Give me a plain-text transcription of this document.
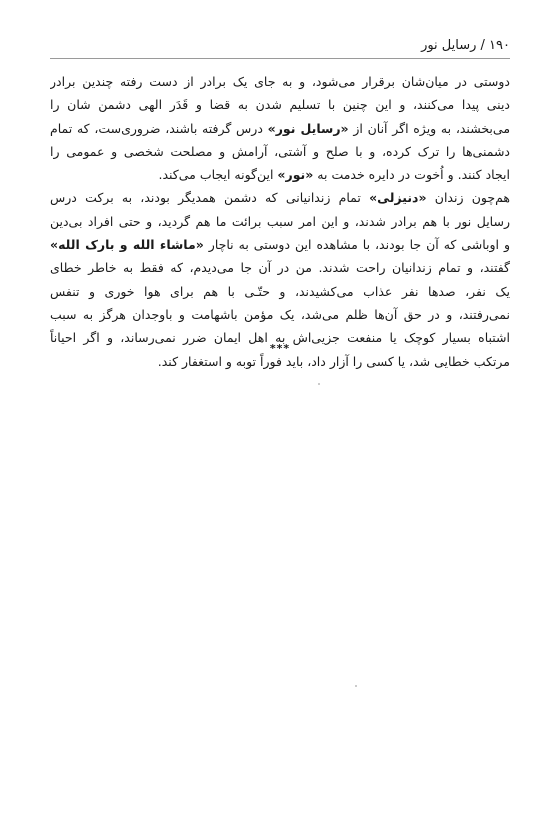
۱۹۰ / رسایل نور
دوستی در میان‌شان برقرار می‌شود، و به جای یک برادر از دست رفته چندین برادر
دینی پیدا می‌کنند، و این چنین با تسلیم شدن به قضا و قَدَر الهی دشمن شان را
می‌بخشند، به ویژه اگر آنان از «رسایل نور» درس گرفته باشند، ضروری‌ست، که تمام
دشمنی‌ها را ترک کرده، و با صلح و آشتی، آرامش و مصلحت شخصی و عمومی را
ایجاد کنند. و اُخوت در دایره خدمت به «نور» این‌گونه ایجاب می‌کند.
هم‌چون زندان «دنیزلی» تمام زندانیانی که دشمن همدیگر بودند، به برکت درس
رسایل نور با هم برادر شدند، و این امر سبب برائت ما هم گردید، و حتی افراد بی‌دین
و اوباشی که آن جا بودند، با مشاهده این دوستی به ناچار «ماشاء الله و بارک الله»
گفتند، و تمام زندانیان راحت شدند. من در آن جا می‌دیدم، که فقط به خاطر خطای
یک نفر، صدها نفر عذاب می‌کشیدند، و حتّـی با هم برای هوا خوری و تنفس
نمی‌رفتند، و در حق آن‌ها ظلم می‌شد، یک مؤمن باشهامت و باوجدان هرگز به سبب
اشتباه بسیار کوچک یا منفعت جزیی‌اش به اهل ایمان ضرر نمی‌رساند، و اگر احیاناً
مرتکب خطایی شد، یا کسی را آزار داد، باید فوراً توبه و استغفار کند.
***
